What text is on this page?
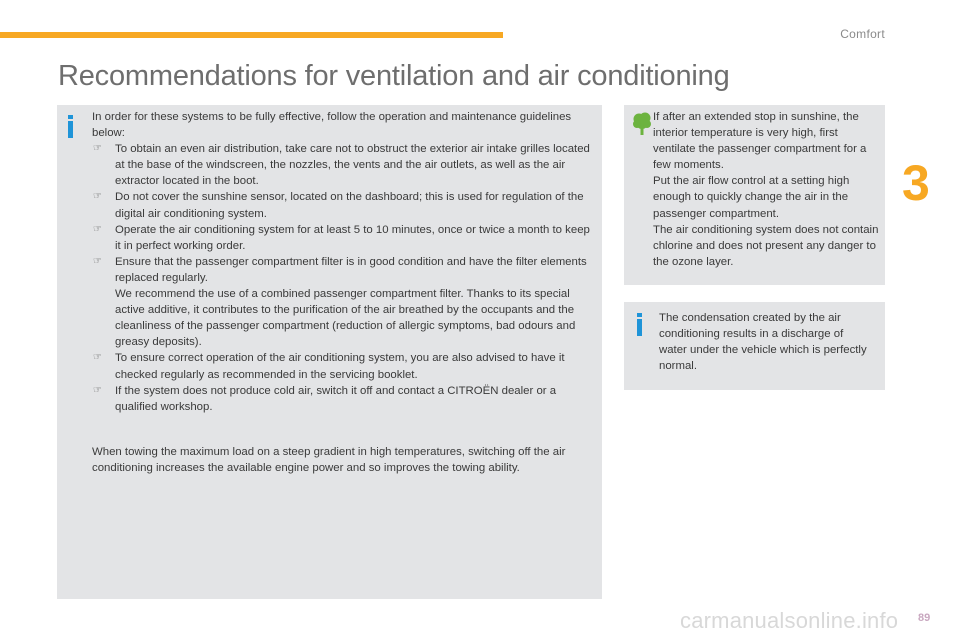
Comfort
3
Recommendations for ventilation and air conditioning

In order for these systems to be fully effective, follow the operation and maintenance guidelines below:

☞ To obtain an even air distribution, take care not to obstruct the exterior air intake grilles located at the base of the windscreen, the nozzles, the vents and the air outlets, as well as the air extractor located in the boot.

☞ Do not cover the sunshine sensor, located on the dashboard; this is used for regulation of the digital air conditioning system.

☞ Operate the air conditioning system for at least 5 to 10 minutes, once or twice a month to keep it in perfect working order.

☞ Ensure that the passenger compartment filter is in good condition and have the filter elements replaced regularly.

We recommend the use of a combined passenger compartment filter. Thanks to its special active additive, it contributes to the purification of the air breathed by the occupants and the cleanliness of the passenger compartment (reduction of allergic symptoms, bad odours and greasy deposits).

☞ To ensure correct operation of the air conditioning system, you are also advised to have it checked regularly as recommended in the servicing booklet.

☞ If the system does not produce cold air, switch it off and contact a CITROËN dealer or a qualified workshop.

When towing the maximum load on a steep gradient in high temperatures, switching off the air conditioning increases the available engine power and so improves the towing ability.

If after an extended stop in sunshine, the interior temperature is very high, first ventilate the passenger compartment for a few moments.

Put the air flow control at a setting high enough to quickly change the air in the passenger compartment.

The air conditioning system does not contain chlorine and does not present any danger to the ozone layer.

The condensation created by the air conditioning results in a discharge of water under the vehicle which is perfectly normal.

carmanualsonline.info 89
